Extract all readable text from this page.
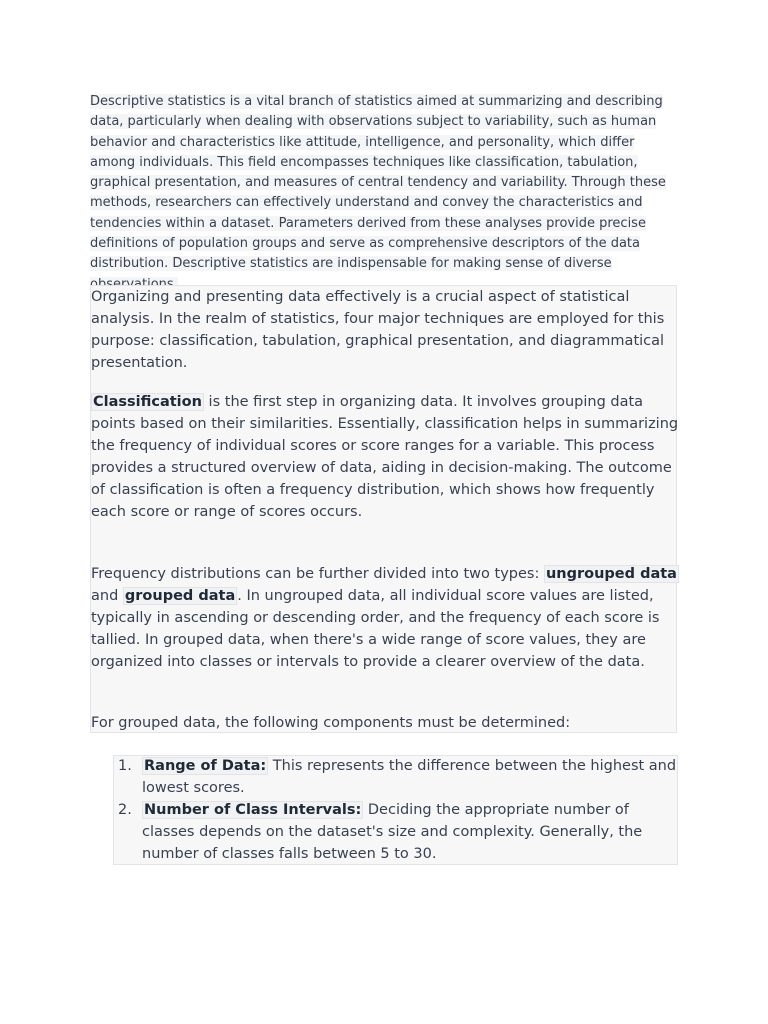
Descriptive statistics is a vital branch of statistics aimed at summarizing and describing data, particularly when dealing with observations subject to variability, such as human behavior and characteristics like attitude, intelligence, and personality, which differ among individuals. This field encompasses techniques like classification, tabulation, graphical presentation, and measures of central tendency and variability. Through these methods, researchers can effectively understand and convey the characteristics and tendencies within a dataset. Parameters derived from these analyses provide precise definitions of population groups and serve as comprehensive descriptors of the data distribution. Descriptive statistics are indispensable for making sense of diverse

Organizing and presenting data effectively is a crucial aspect of statistical analysis. In the realm of statistics, four major techniques are employed for this purpose: classification, tabulation, graphical presentation, and diagrammatical presentation.

Classification is the first step in organizing data. It involves grouping data points based on their similarities. Essentially, classification helps in summarizing the frequency of individual scores or score ranges for a variable. This process provides a structured overview of data, aiding in decision-making. The outcome of classification is often a frequency distribution, which shows how frequently each score or range of scores occurs.

Frequency distributions can be further divided into two types: ungrouped data and grouped data . In ungrouped data, all individual score values are listed, typically in ascending or descending order, and the frequency of each score is tallied. In grouped data, when there's a wide range of score values, they are organized into classes or intervals to provide a clearer overview of the data.

For grouped data, the following components must be determined:

1. Range of Data: This represents the difference between the highest and lowest scores.
2. Number of Class Intervals: Deciding the appropriate number of classes depends on the dataset's size and complexity. Generally, the number of classes falls between 5 to 30.
